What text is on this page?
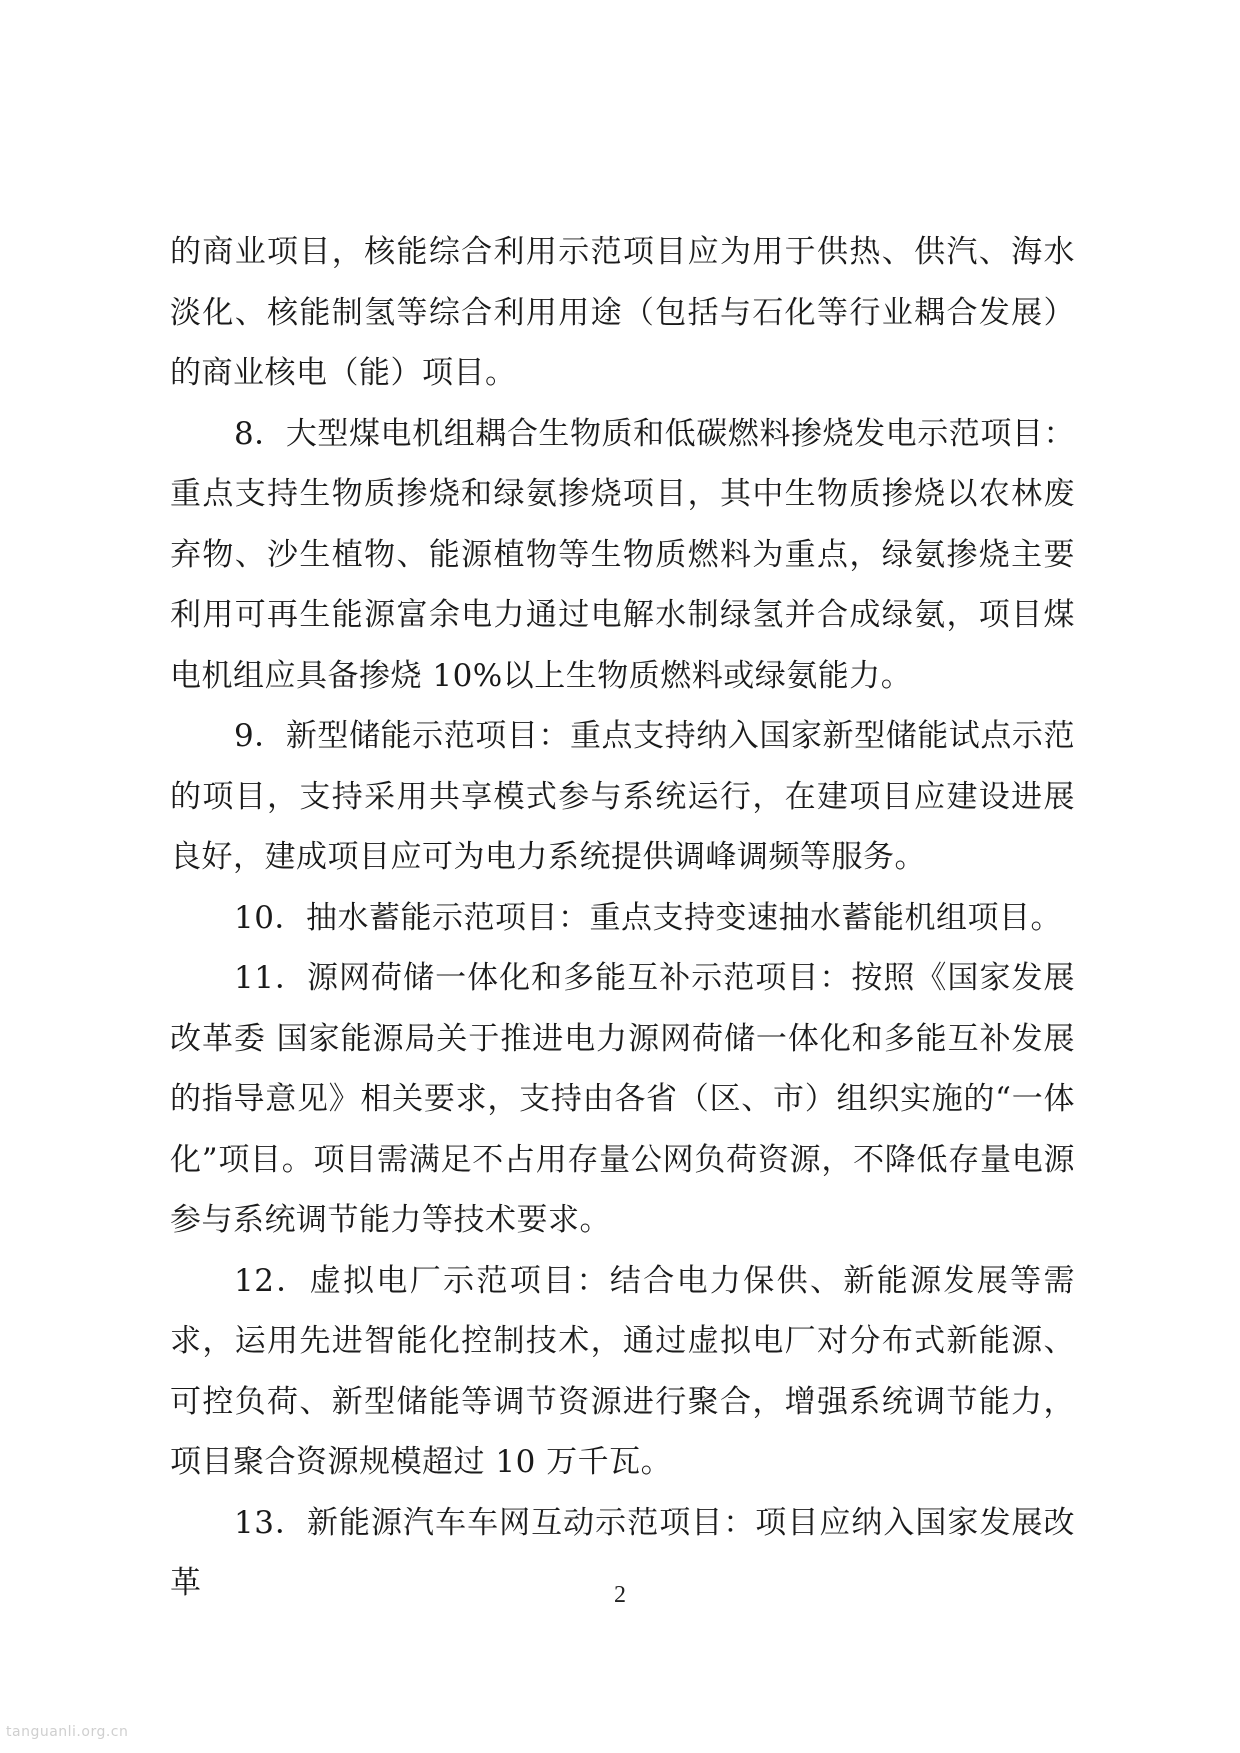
的商业项目，核能综合利用示范项目应为用于供热、供汽、海水淡化、核能制氢等综合利用用途（包括与石化等行业耦合发展）的商业核电（能）项目。

8．大型煤电机组耦合生物质和低碳燃料掺烧发电示范项目：重点支持生物质掺烧和绿氨掺烧项目，其中生物质掺烧以农林废弃物、沙生植物、能源植物等生物质燃料为重点，绿氨掺烧主要利用可再生能源富余电力通过电解水制绿氢并合成绿氨，项目煤电机组应具备掺烧 10%以上生物质燃料或绿氨能力。

9．新型储能示范项目：重点支持纳入国家新型储能试点示范的项目，支持采用共享模式参与系统运行，在建项目应建设进展良好，建成项目应可为电力系统提供调峰调频等服务。

10．抽水蓄能示范项目：重点支持变速抽水蓄能机组项目。

11．源网荷储一体化和多能互补示范项目：按照《国家发展改革委 国家能源局关于推进电力源网荷储一体化和多能互补发展的指导意见》相关要求，支持由各省（区、市）组织实施的“一体化”项目。项目需满足不占用存量公网负荷资源，不降低存量电源参与系统调节能力等技术要求。

12．虚拟电厂示范项目：结合电力保供、新能源发展等需求，运用先进智能化控制技术，通过虚拟电厂对分布式新能源、可控负荷、新型储能等调节资源进行聚合，增强系统调节能力，项目聚合资源规模超过 10 万千瓦。

13．新能源汽车车网互动示范项目：项目应纳入国家发展改革	2
tanguanli.org.cn
